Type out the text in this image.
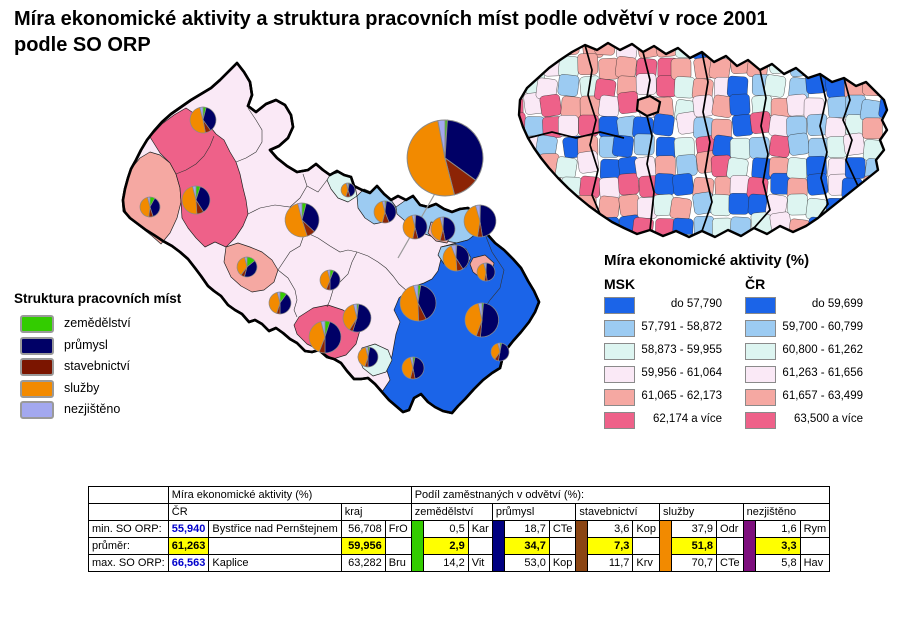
Míra ekonomické aktivity a struktura pracovních míst podle odvětví v roce 2001 podle SO ORP
Struktura pracovních míst
zemědělství
průmysl
stavebnictví
služby
nezjištěno
Míra ekonomické aktivity (%)
MSK	ČR
do 57,790
57,791 - 58,872
58,873 - 59,955
59,956 - 61,064
61,065 - 62,173
62,174 a více
do 59,699
59,700 - 60,799
60,800 - 61,262
61,263 - 61,656
61,657 - 63,499
63,500 a více
	Míra ekonomické aktivity (%)				Podíl zaměstnaných v odvětví (%):														
	ČR		kraj		zemědělství			průmysl			stavebnictví			služby			nezjištěno		
min. SO ORP:	55,940	Bystřice nad Pernštejnem	56,708	FrO		0,5	Kar		18,7	CTe		3,6	Kop		37,9	Odr		1,6	Rym
průměr:	61,263		59,956			2,9			34,7			7,3			51,8			3,3	
max. SO ORP:	66,563	Kaplice	63,282	Bru		14,2	Vit		53,0	Kop		11,7	Krv		70,7	CTe		5,8	Hav
